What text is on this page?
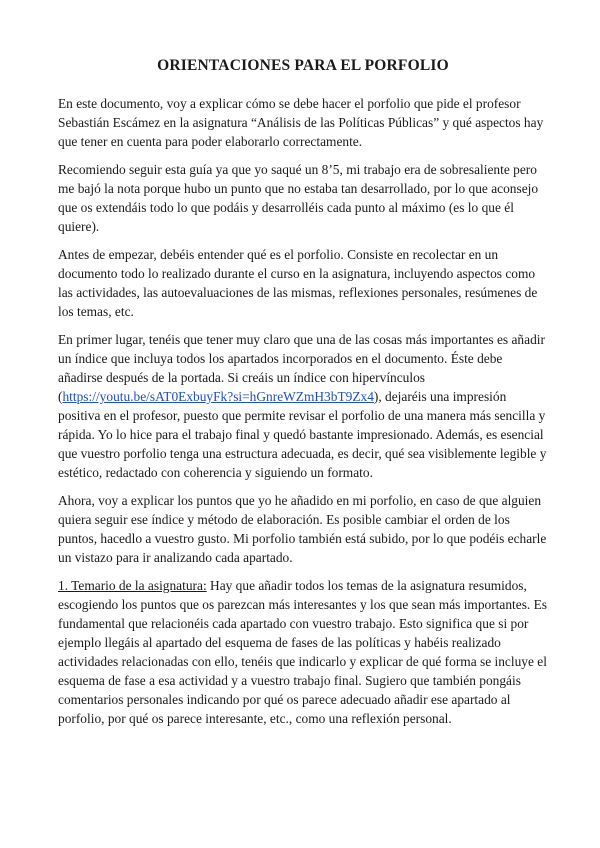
ORIENTACIONES PARA EL PORFOLIO

En este documento, voy a explicar cómo se debe hacer el porfolio que pide el profesor Sebastián Escámez en la asignatura “Análisis de las Políticas Públicas” y qué aspectos hay que tener en cuenta para poder elaborarlo correctamente.

Recomiendo seguir esta guía ya que yo saqué un 8’5, mi trabajo era de sobresaliente pero me bajó la nota porque hubo un punto que no estaba tan desarrollado, por lo que aconsejo que os extendáis todo lo que podáis y desarrolléis cada punto al máximo (es lo que él quiere).

Antes de empezar, debéis entender qué es el porfolio. Consiste en recolectar en un documento todo lo realizado durante el curso en la asignatura, incluyendo aspectos como las actividades, las autoevaluaciones de las mismas, reflexiones personales, resúmenes de los temas, etc.

En primer lugar, tenéis que tener muy claro que una de las cosas más importantes es añadir un índice que incluya todos los apartados incorporados en el documento. Éste debe añadirse después de la portada. Si creáis un índice con hipervínculos (https://youtu.be/sAT0ExbuyFk?si=hGnreWZmH3bT9Zx4), dejaréis una impresión positiva en el profesor, puesto que permite revisar el porfolio de una manera más sencilla y rápida. Yo lo hice para el trabajo final y quedó bastante impresionado. Además, es esencial que vuestro porfolio tenga una estructura adecuada, es decir, qué sea visiblemente legible y estético, redactado con coherencia y siguiendo un formato.

Ahora, voy a explicar los puntos que yo he añadido en mi porfolio, en caso de que alguien quiera seguir ese índice y método de elaboración. Es posible cambiar el orden de los puntos, hacedlo a vuestro gusto. Mi porfolio también está subido, por lo que podéis echarle un vistazo para ir analizando cada apartado.

1. Temario de la asignatura: Hay que añadir todos los temas de la asignatura resumidos, escogiendo los puntos que os parezcan más interesantes y los que sean más importantes. Es fundamental que relacionéis cada apartado con vuestro trabajo. Esto significa que si por ejemplo llegáis al apartado del esquema de fases de las políticas y habéis realizado actividades relacionadas con ello, tenéis que indicarlo y explicar de qué forma se incluye el esquema de fase a esa actividad y a vuestro trabajo final. Sugiero que también pongáis comentarios personales indicando por qué os parece adecuado añadir ese apartado al porfolio, por qué os parece interesante, etc., como una reflexión personal.
